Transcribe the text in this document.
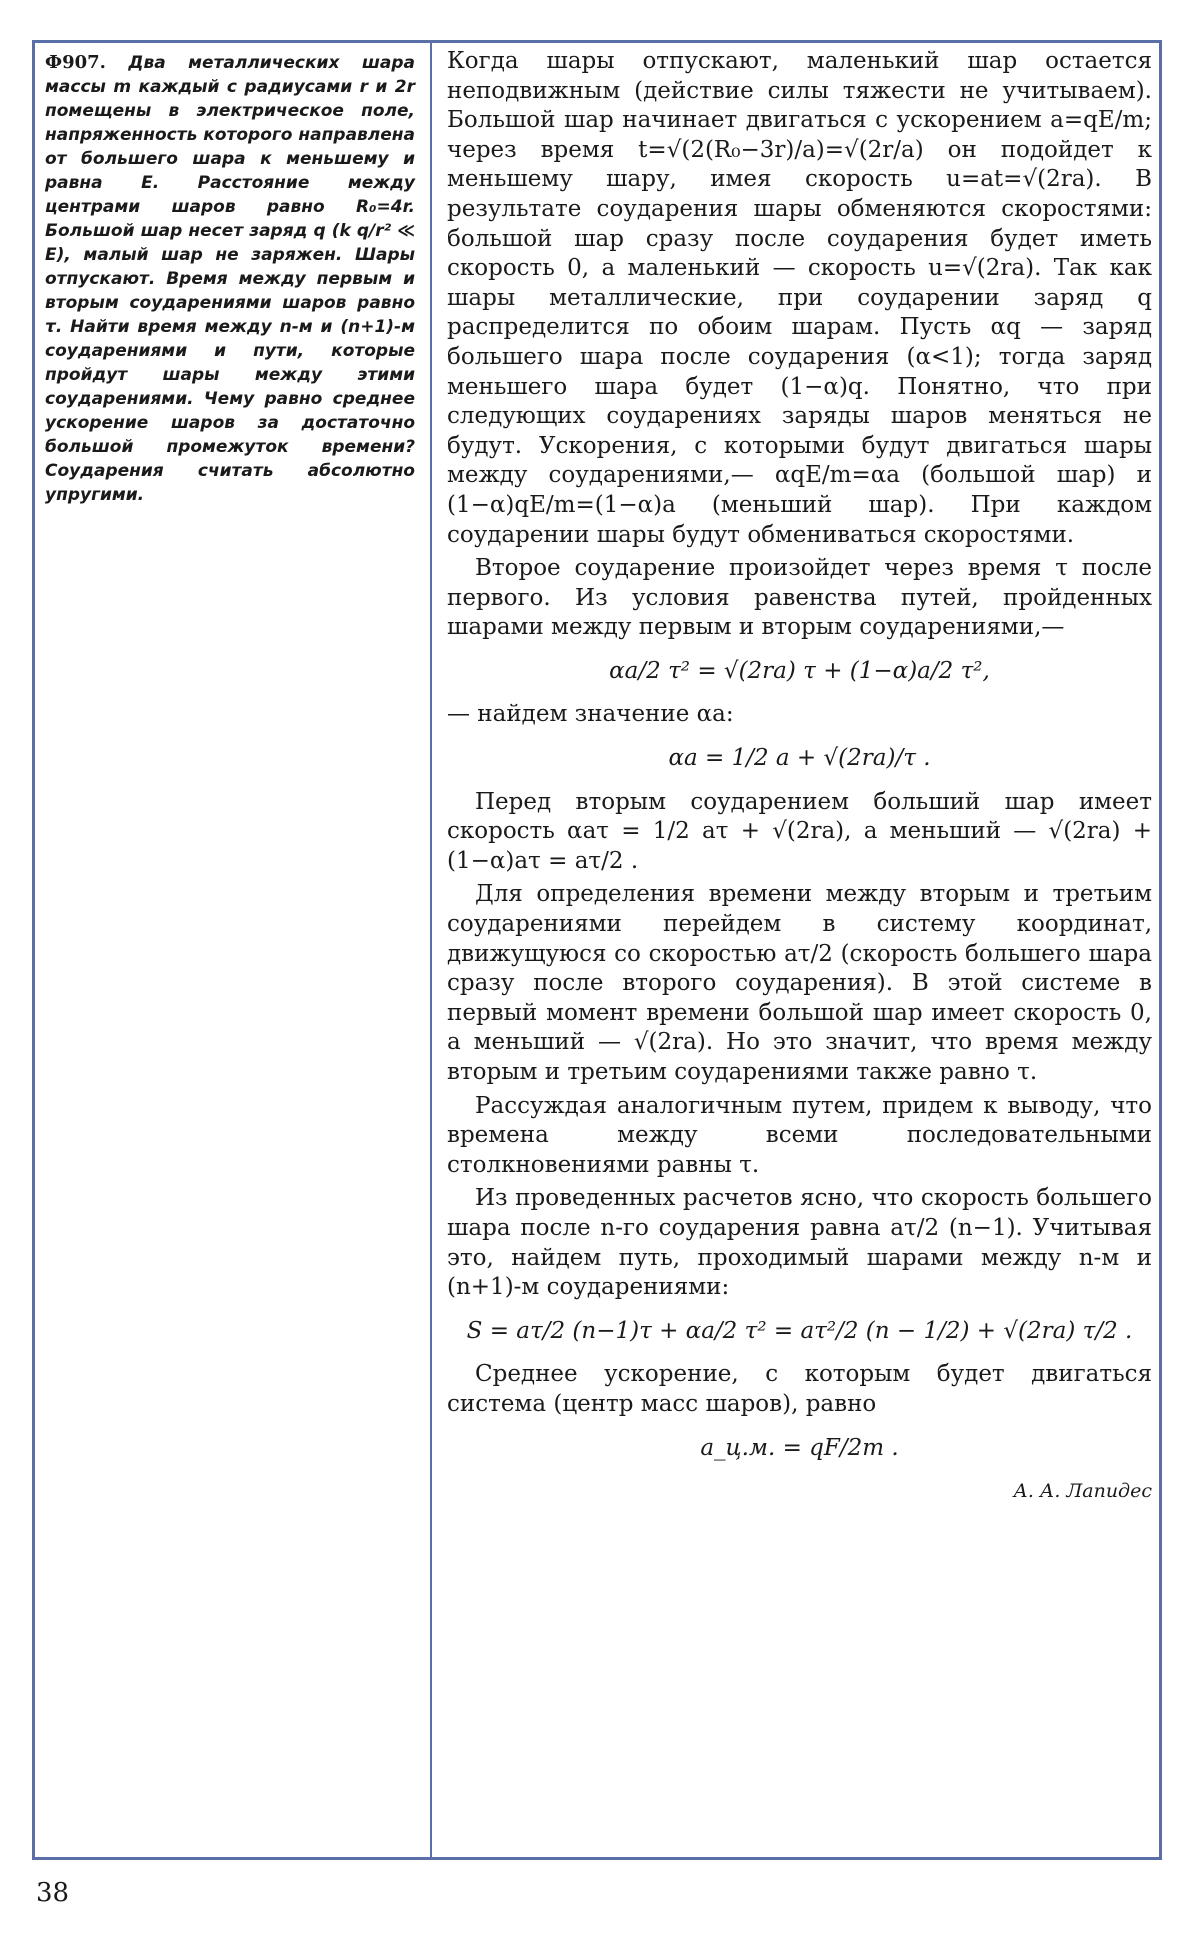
Ф907. Два металлических шара массы m каждый с радиусами r и 2r помещены в электрическое поле, напряженность которого направлена от большего шара к меньшему и равна E. Расстояние между центрами шаров равно R₀=4r. Большой шар несет заряд q (k q/r² ≪ E), малый шар не заряжен. Шары отпускают. Время между первым и вторым соударениями шаров равно τ. Найти время между n-м и (n+1)-м соударениями и пути, которые пройдут шары между этими соударениями. Чему равно среднее ускорение шаров за достаточно большой промежуток времени? Соударения считать абсолютно упругими.

Когда шары отпускают, маленький шар остается неподвижным (действие силы тяжести не учитываем). Большой шар начинает двигаться с ускорением a=qE/m; через время t=√(2(R₀−3r)/a)=√(2r/a) он подойдет к меньшему шару, имея скорость u=at=√(2ra). В результате соударения шары обменяются скоростями: большой шар сразу после соударения будет иметь скорость 0, а маленький — скорость u=√(2ra). Так как шары металлические, при соударении заряд q распределится по обоим шарам. Пусть αq — заряд большего шара после соударения (α<1); тогда заряд меньшего шара будет (1−α)q. Понятно, что при следующих соударениях заряды шаров меняться не будут. Ускорения, с которыми будут двигаться шары между соударениями,— αqE/m=αa (большой шар) и (1−α)qE/m=(1−α)a (меньший шар). При каждом соударении шары будут обмениваться скоростями.

Второе соударение произойдет через время τ после первого. Из условия равенства путей, пройденных шарами между первым и вторым соударениями,—

αa/2 τ² = √(2ra) τ + (1−α)a/2 τ²,

— найдем значение αa:

αa = 1/2 a + √(2ra)/τ .

Перед вторым соударением больший шар имеет скорость αaτ = 1/2 aτ + √(2ra), а меньший — √(2ra) + (1−α)aτ = aτ/2 .

Для определения времени между вторым и третьим соударениями перейдем в систему координат, движущуюся со скоростью aτ/2 (скорость большего шара сразу после второго соударения). В этой системе в первый момент времени большой шар имеет скорость 0, а меньший — √(2ra). Но это значит, что время между вторым и третьим соударениями также равно τ.

Рассуждая аналогичным путем, придем к выводу, что времена между всеми последовательными столкновениями равны τ.

Из проведенных расчетов ясно, что скорость большего шара после n-го соударения равна aτ/2 (n−1). Учитывая это, найдем путь, проходимый шарами между n-м и (n+1)-м соударениями:

S = aτ/2 (n−1)τ + αa/2 τ² = aτ²/2 (n − 1/2) + √(2ra) τ/2 .

Среднее ускорение, с которым будет двигаться система (центр масс шаров), равно

a_ц.м. = qF/2m .
А. А. Лапидес
38
